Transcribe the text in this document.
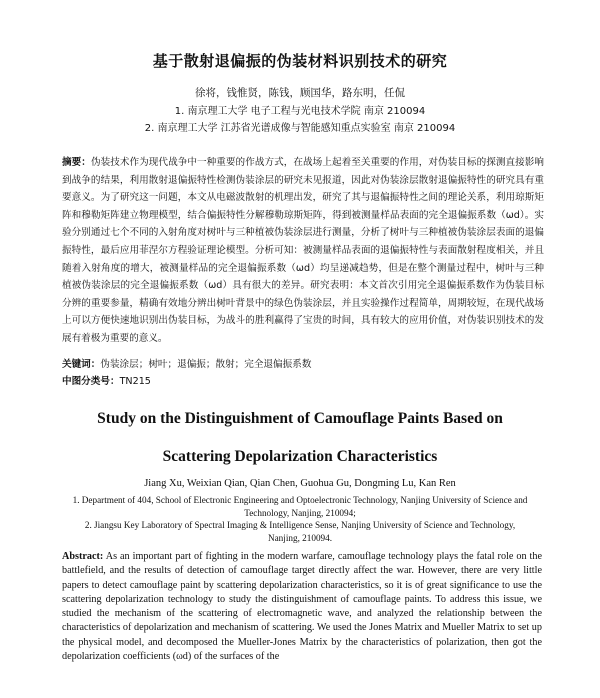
基于散射退偏振的伪装材料识别技术的研究
徐将，钱惟贤，陈钱，顾国华，路东明，任侃
1. 南京理工大学 电子工程与光电技术学院 南京 210094
2. 南京理工大学 江苏省光谱成像与智能感知重点实验室 南京 210094
摘要：伪装技术作为现代战争中一种重要的作战方式，在战场上起着至关重要的作用，对伪装目标的探测直接影响到战争的结果，利用散射退偏振特性检测伪装涂层的研究未见报道，因此对伪装涂层散射退偏振特性的研究具有重要意义。为了研究这一问题，本文从电磁波散射的机理出发，研究了其与退偏振特性之间的理论关系，利用琼斯矩阵和穆勒矩阵建立物理模型，结合偏振特性分解穆勒琼斯矩阵，得到被测量样品表面的完全退偏振系数（ωd）。实验分别通过七个不同的入射角度对树叶与三种植被伪装涂层进行测量，分析了树叶与三种植被伪装涂层表面的退偏振特性，最后应用菲涅尔方程验证理论模型。分析可知：被测量样品表面的退偏振特性与表面散射程度相关，并且随着入射角度的增大，被测量样品的完全退偏振系数（ωd）均呈递减趋势，但是在整个测量过程中，树叶与三种植被伪装涂层的完全退偏振系数（ωd）具有很大的差异。研究表明：本文首次引用完全退偏振系数作为伪装目标分辨的重要参量，精确有效地分辨出树叶背景中的绿色伪装涂层，并且实验操作过程简单，周期较短，在现代战场上可以方便快速地识别出伪装目标，为战斗的胜利赢得了宝贵的时间，具有较大的应用价值，对伪装识别技术的发展有着极为重要的意义。
关键词：伪装涂层；树叶；退偏振；散射；完全退偏振系数
中图分类号：TN215
Study on the Distinguishment of Camouflage Paints Based on
Scattering Depolarization Characteristics
Jiang Xu, Weixian Qian, Qian Chen, Guohua Gu, Dongming Lu, Kan Ren
1. Department of 404, School of Electronic Engineering and Optoelectronic Technology, Nanjing University of Science and Technology, Nanjing, 210094;
2. Jiangsu Key Laboratory of Spectral Imaging & Intelligence Sense, Nanjing University of Science and Technology, Nanjing, 210094.
Abstract: As an important part of fighting in the modern warfare, camouflage technology plays the fatal role on the battlefield, and the results of detection of camouflage target directly affect the war. However, there are very little papers to detect camouflage paint by scattering depolarization characteristics, so it is of great significance to use the scattering depolarization technology to study the distinguishment of camouflage paints. To address this issue, we studied the mechanism of the scattering of electromagnetic wave, and analyzed the relationship between the characteristics of depolarization and mechanism of scattering. We used the Jones Matrix and Mueller Matrix to set up the physical model, and decomposed the Mueller-Jones Matrix by the characteristics of polarization, then got the depolarization coefficients (ωd) of the surfaces of the
